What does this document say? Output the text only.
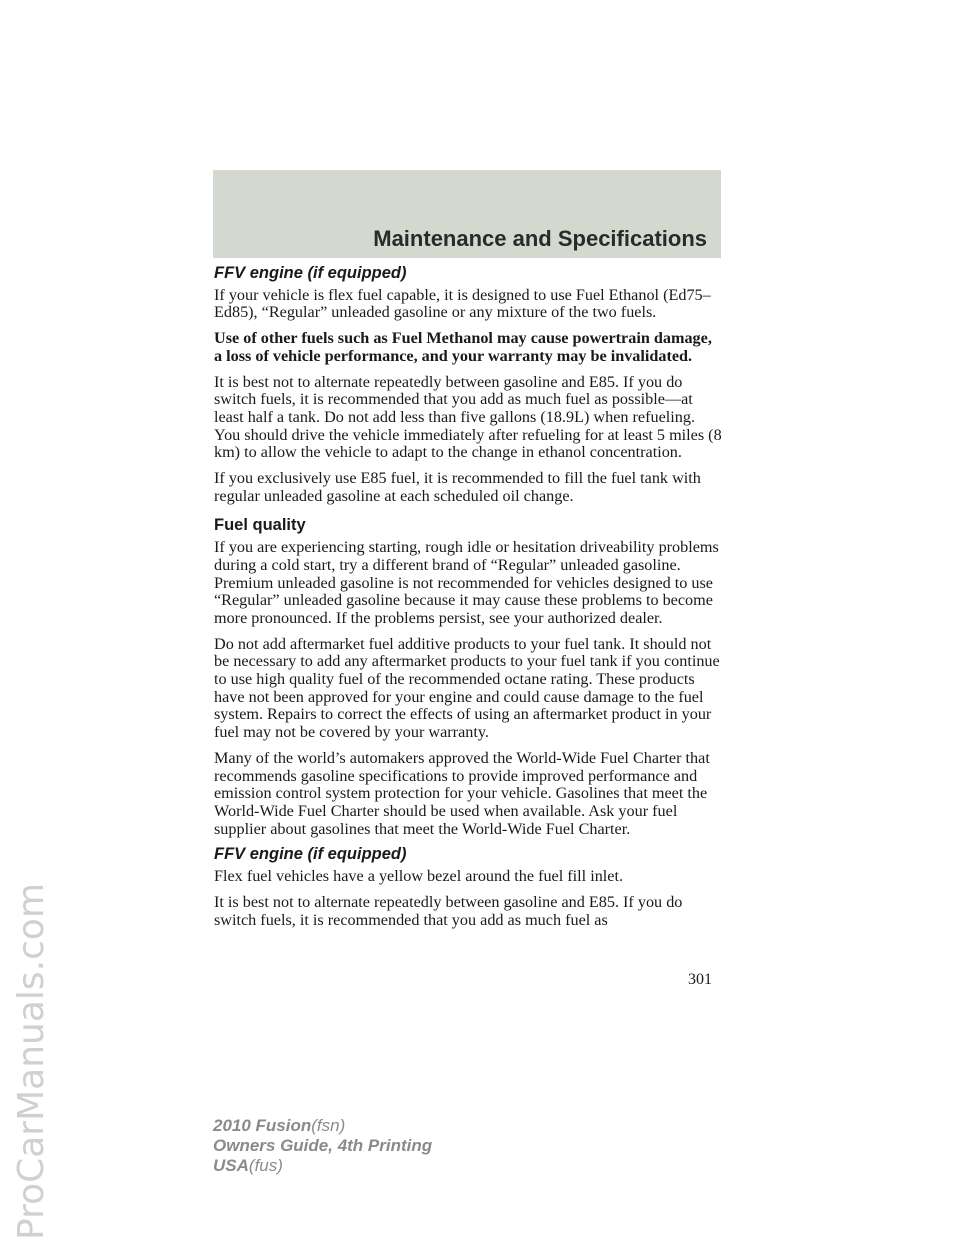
ProCarManuals.com
Maintenance and Specifications
FFV engine (if equipped)

If your vehicle is flex fuel capable, it is designed to use Fuel Ethanol (Ed75–Ed85), “Regular” unleaded gasoline or any mixture of the two fuels.

Use of other fuels such as Fuel Methanol may cause powertrain damage, a loss of vehicle performance, and your warranty may be invalidated.

It is best not to alternate repeatedly between gasoline and E85. If you do switch fuels, it is recommended that you add as much fuel as possible—at least half a tank. Do not add less than five gallons (18.9L) when refueling. You should drive the vehicle immediately after refueling for at least 5 miles (8 km) to allow the vehicle to adapt to the change in ethanol concentration.

If you exclusively use E85 fuel, it is recommended to fill the fuel tank with regular unleaded gasoline at each scheduled oil change.

Fuel quality

If you are experiencing starting, rough idle or hesitation driveability problems during a cold start, try a different brand of “Regular” unleaded gasoline. Premium unleaded gasoline is not recommended for vehicles designed to use “Regular” unleaded gasoline because it may cause these problems to become more pronounced. If the problems persist, see your authorized dealer.

Do not add aftermarket fuel additive products to your fuel tank. It should not be necessary to add any aftermarket products to your fuel tank if you continue to use high quality fuel of the recommended octane rating. These products have not been approved for your engine and could cause damage to the fuel system. Repairs to correct the effects of using an aftermarket product in your fuel may not be covered by your warranty.

Many of the world’s automakers approved the World-Wide Fuel Charter that recommends gasoline specifications to provide improved performance and emission control system protection for your vehicle. Gasolines that meet the World-Wide Fuel Charter should be used when available. Ask your fuel supplier about gasolines that meet the World-Wide Fuel Charter.

FFV engine (if equipped)

Flex fuel vehicles have a yellow bezel around the fuel fill inlet.

It is best not to alternate repeatedly between gasoline and E85. If you do switch fuels, it is recommended that you add as much fuel as

301
2010 Fusion(fsn)
Owners Guide, 4th Printing
USA(fus)
